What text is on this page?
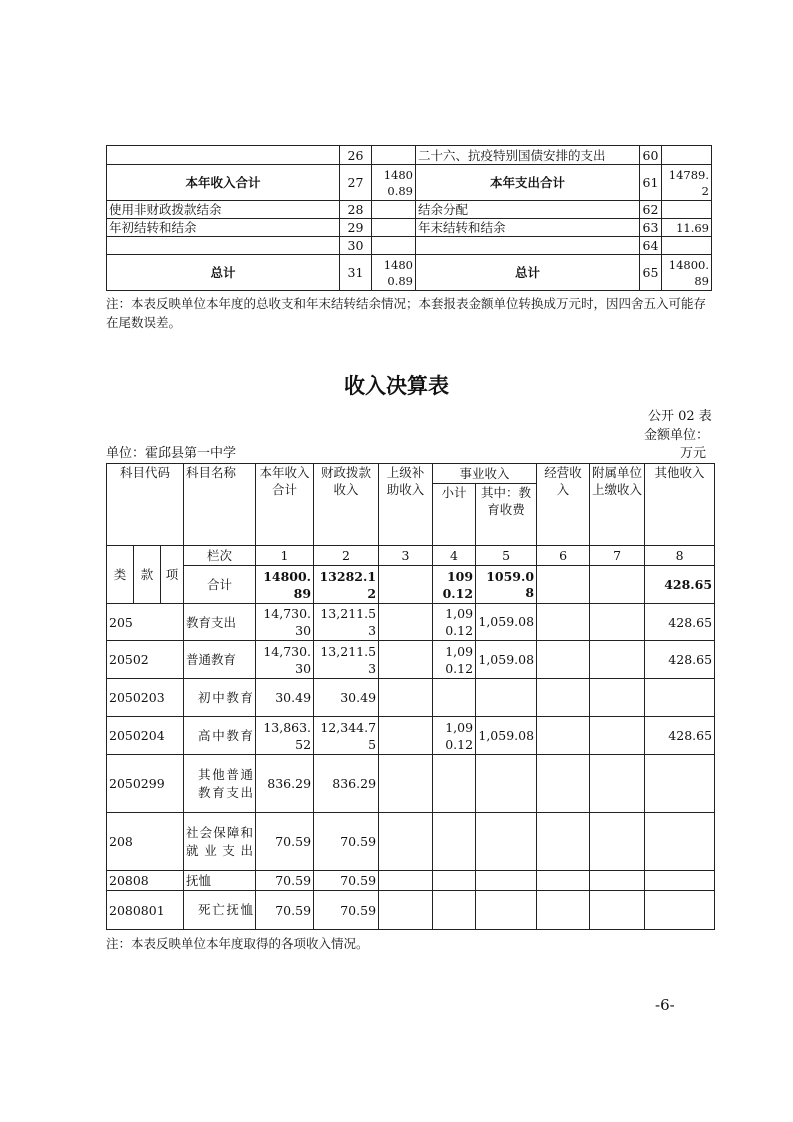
	26		二十六、抗疫特别国债安排的支出	60	
本年收入合计	27	14800.89	本年支出合计	61	14789.2
使用非财政拨款结余	28		结余分配	62	
年初结转和结余	29		年末结转和结余	63	11.69
	30			64	
总计	31	14800.89	总计	65	14800.89
注：本表反映单位本年度的总收支和年末结转结余情况；本套报表金额单位转换成万元时，因四舍五入可能存在尾数误差。
收入决算表
公开 02 表
金额单位：
单位：霍邱县第一中学	万元
科目代码			科目名称	本年收入合计	财政拨款收入	上级补助收入	事业收入		经营收入	附属单位上缴收入	其他收入
							小计	其中：教育收费			
类	款	项	栏次	1	2	3	4	5	6	7	8
			合计	14800.89	13282.12		1090.12	1059.08			428.65
205			教育支出	14,730.30	13,211.53		1,090.12	1,059.08			428.65
20502			普通教育	14,730.30	13,211.53		1,090.12	1,059.08			428.65
2050203			初中教育	30.49	30.49						
2050204			高中教育	13,863.52	12,344.75		1,090.12	1,059.08			428.65
2050299			其他普通教育支出	836.29	836.29						
208			社会保障和就业支出	70.59	70.59						
20808			抚恤	70.59	70.59						
2080801			死亡抚恤	70.59	70.59						
注：本表反映单位本年度取得的各项收入情况。
-6-
